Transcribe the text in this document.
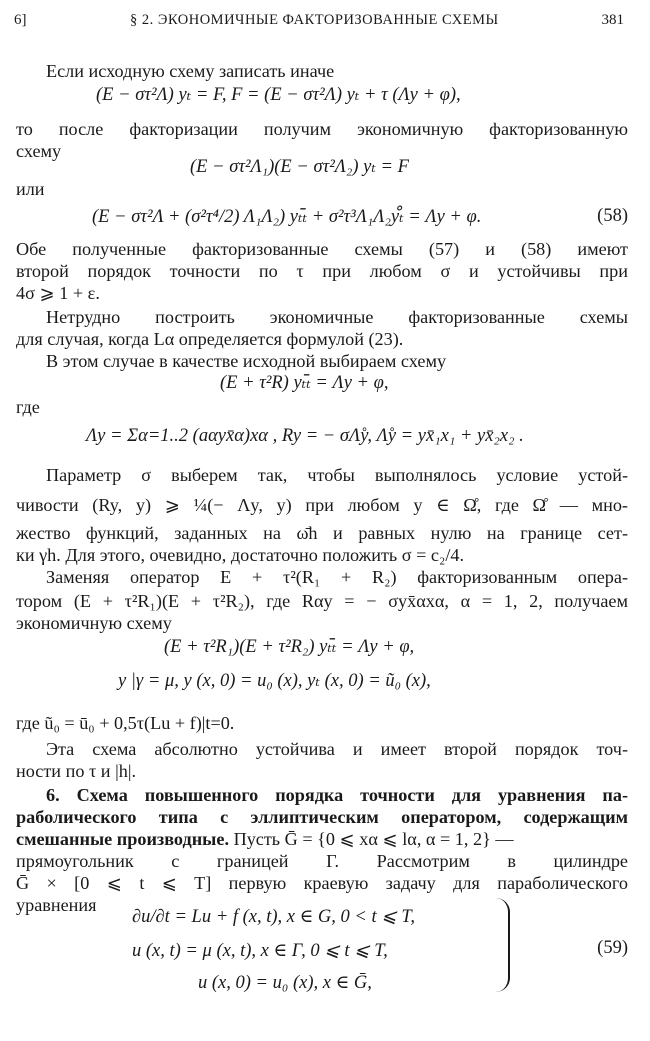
6]	§ 2. ЭКОНОМИЧНЫЕ ФАКТОРИЗОВАННЫЕ СХЕМЫ	381
Если исходную схему записать иначе
(E − στ²Λ) yₜ = F, F = (E − στ²Λ) yₜ + τ (Λy + φ),
то после факторизации получим экономичную факторизованную
схему
(E − στ²Λ₁)(E − στ²Λ₂) yₜ = F
или
(E − στ²Λ + (σ²τ⁴/2) Λ₁Λ₂) yₜₜ̄ + σ²τ³Λ₁Λ₂yₜ̊ = Λy + φ.	(58)
Обе полученные факторизованные схемы (57) и (58) имеют
второй порядок точности по τ при любом σ и устойчивы при
4σ ⩾ 1 + ε.
Нетрудно построить экономичные факторизованные схемы
для случая, когда Lα определяется формулой (23).
В этом случае в качестве исходной выбираем схему
(E + τ²R) yₜₜ̄ = Λy + φ,
где
Λy = Σα=1..2 (aαyx̄α)xα , Ry = − σΛ̊y, Λ̊y = yx̄₁x₁ + yx̄₂x₂ .
Параметр σ выберем так, чтобы выполнялось условие устой-
чивости (Ry, y) ⩾ ¼(− Λy, y) при любом y ∈ Ω̊, где Ω̊ — мно-
жество функций, заданных на ω̄h и равных нулю на границе сет-
ки γh. Для этого, очевидно, достаточно положить σ = c₂/4.
Заменяя оператор E + τ²(R₁ + R₂) факторизованным опера-
тором (E + τ²R₁)(E + τ²R₂), где Rαy = − σyx̄αxα, α = 1, 2, получаем
экономичную схему
(E + τ²R₁)(E + τ²R₂) yₜₜ̄ = Λy + φ,
y |γ = μ, y (x, 0) = u₀ (x), yₜ (x, 0) = ũ₀ (x),
где ũ₀ = ū₀ + 0,5τ(Lu + f)|t=0.
Эта схема абсолютно устойчива и имеет второй порядок точ-
ности по τ и |h|.
6. Схема повышенного порядка точности для уравнения па-
раболического типа с эллиптическим оператором, содержащим
смешанные производные. Пусть Ḡ = {0 ⩽ xα ⩽ lα, α = 1, 2} —
прямоугольник с границей Г. Рассмотрим в цилиндре
Ḡ × [0 ⩽ t ⩽ T] первую краевую задачу для параболического
уравнения
∂u/∂t = Lu + f (x, t), x ∈ G, 0 < t ⩽ T,
u (x, t) = μ (x, t), x ∈ Г, 0 ⩽ t ⩽ T,
u (x, 0) = u₀ (x), x ∈ Ḡ,
(59)
